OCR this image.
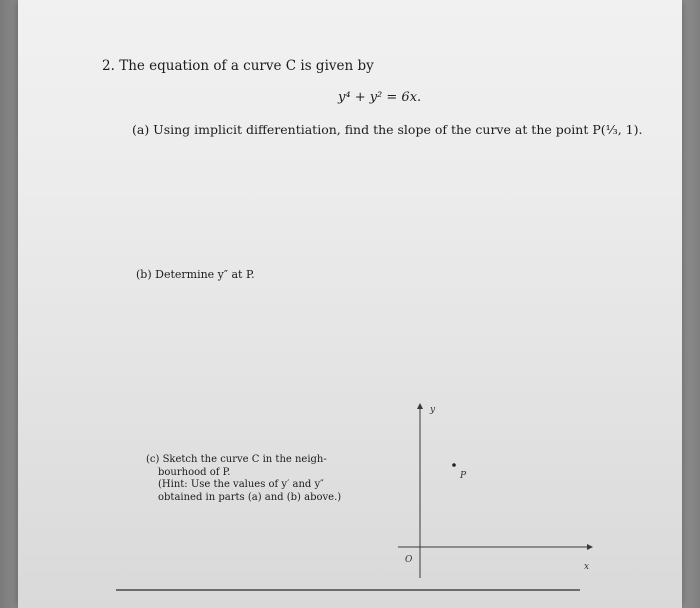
2. The equation of a curve C is given by
y⁴ + y² = 6x.
(a) Using implicit differentiation, find the slope of the curve at the point P(⅓, 1).
(b) Determine y″ at P.
(c) Sketch the curve C in the neigh-
bourhood of P.
(Hint: Use the values of y′ and y″
obtained in parts (a) and (b) above.)
y
x
O
P
